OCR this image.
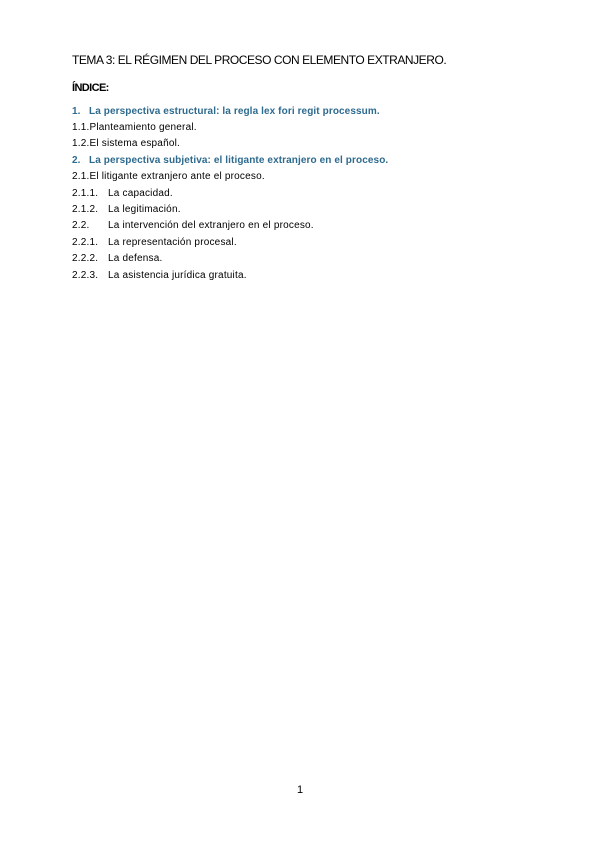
TEMA 3: EL RÉGIMEN DEL PROCESO CON ELEMENTO EXTRANJERO.
ÍNDICE:
1. La perspectiva estructural: la regla lex fori regit processum.
1.1. Planteamiento general.
1.2. El sistema español.
2. La perspectiva subjetiva: el litigante extranjero en el proceso.
2.1. El litigante extranjero ante el proceso.
2.1.1. La capacidad.
2.1.2. La legitimación.
2.2.	La intervención del extranjero en el proceso.
2.2.1. La representación procesal.
2.2.2. La defensa.
2.2.3. La asistencia jurídica gratuita.
1
